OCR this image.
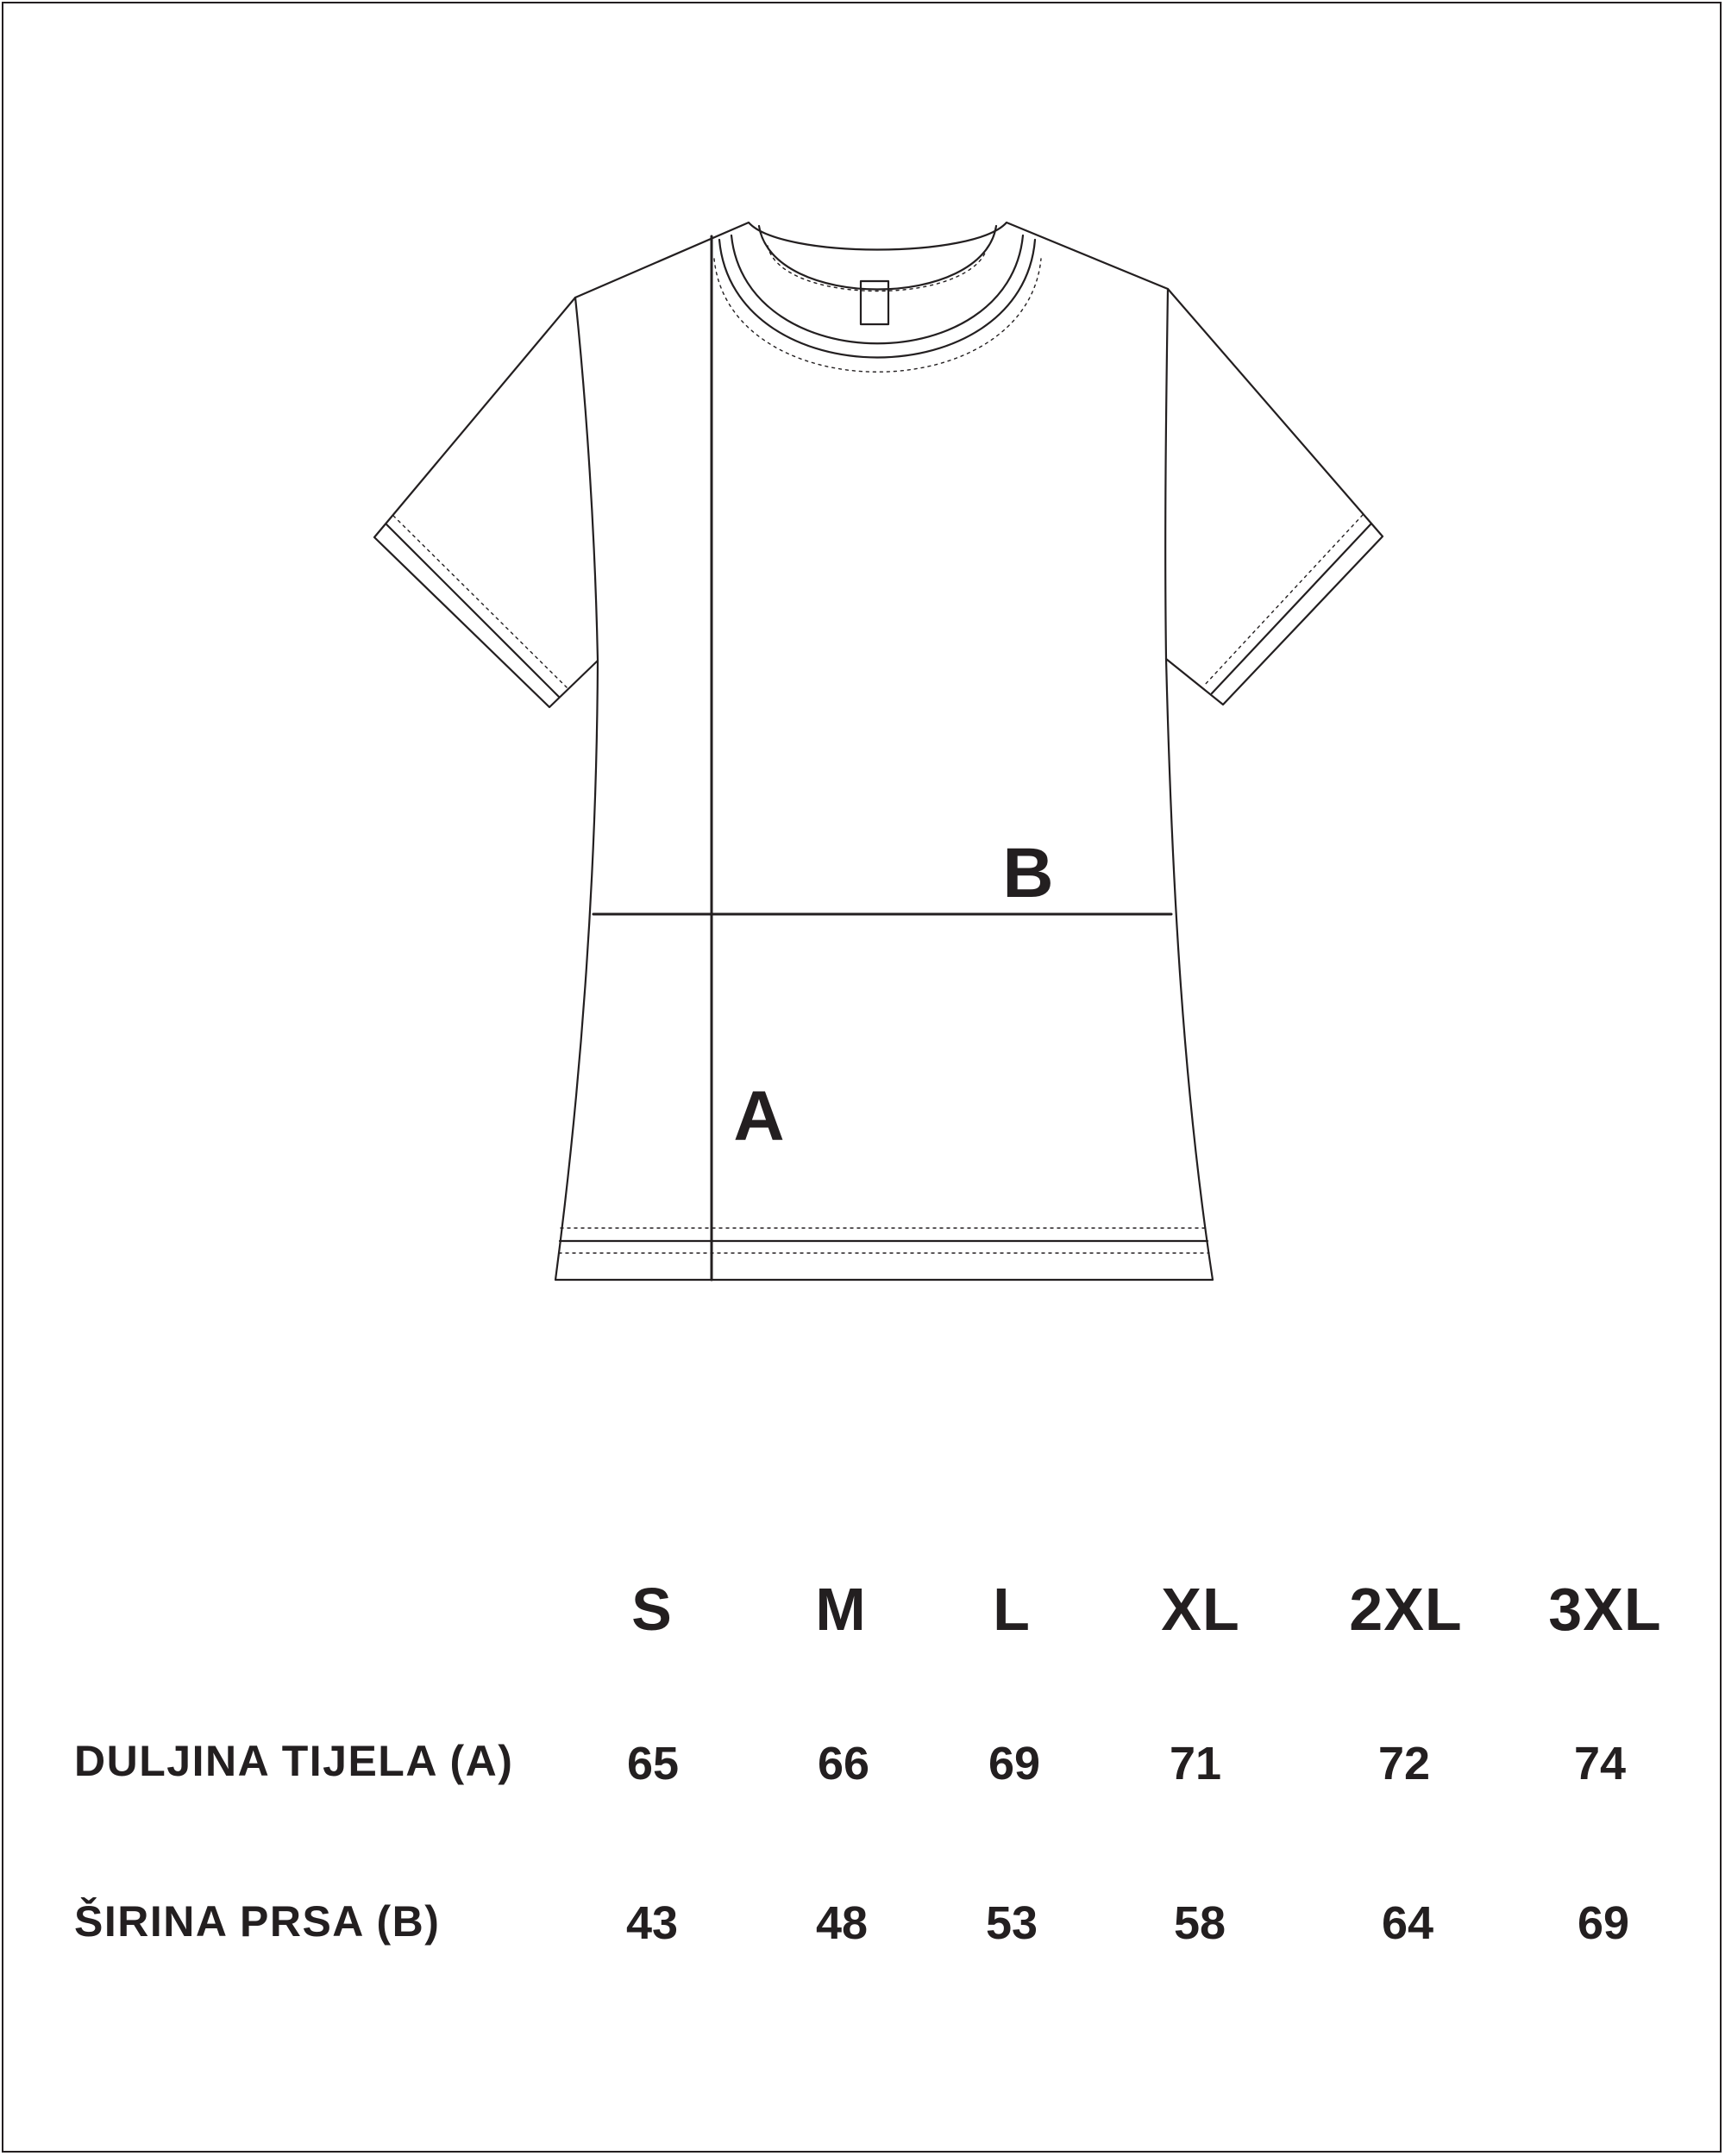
B
A
S M L XL 2XL 3XL
DULJINA TIJELA (A) 65	66	69	71	72	74
ŠIRINA PRSA (B)	43	48	53	58	64	69
